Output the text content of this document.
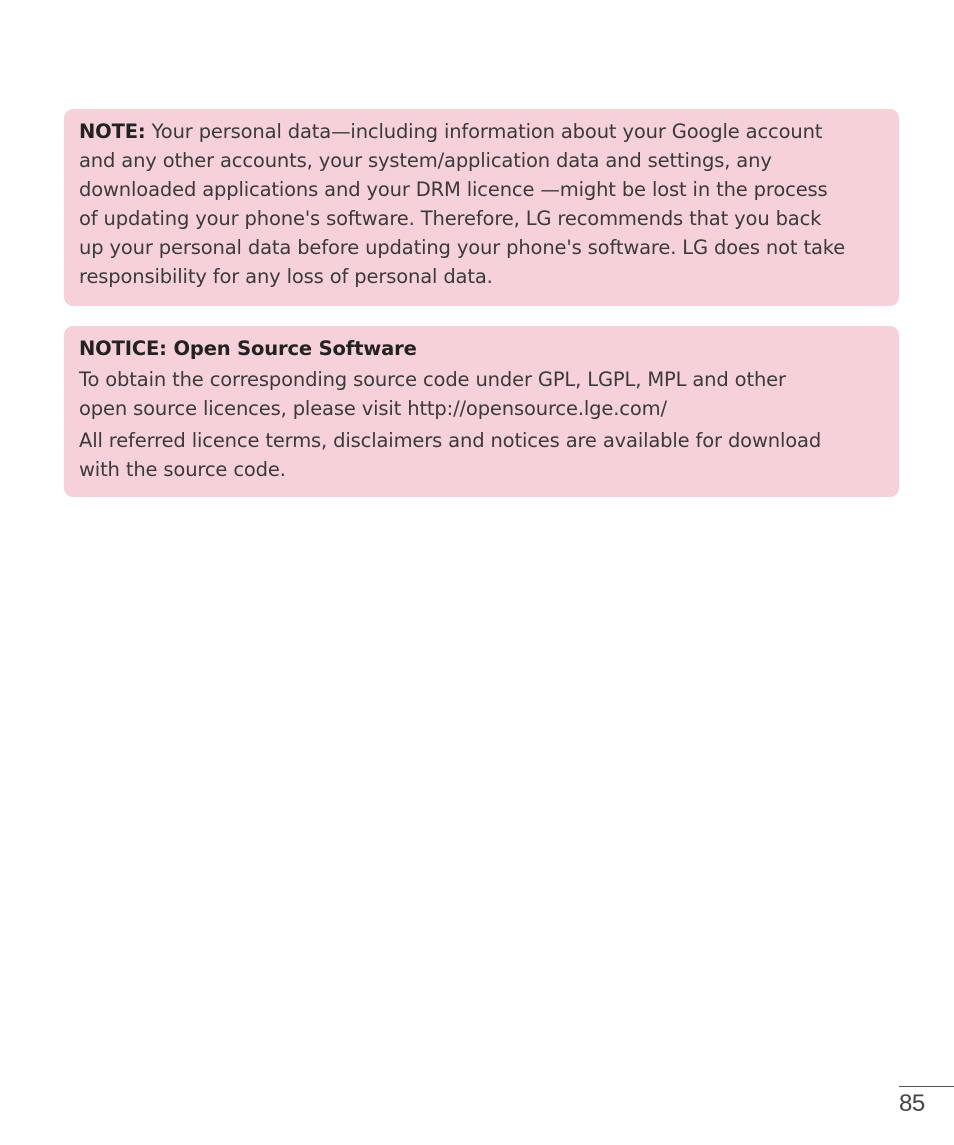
NOTE: Your personal data—including information about your Google account
and any other accounts, your system/application data and settings, any
downloaded applications and your DRM licence —might be lost in the process
of updating your phone's software. Therefore, LG recommends that you back
up your personal data before updating your phone's software. LG does not take
responsibility for any loss of personal data.

NOTICE: Open Source Software

To obtain the corresponding source code under GPL, LGPL, MPL and other
open source licences, please visit http://opensource.lge.com/

All referred licence terms, disclaimers and notices are available for download
with the source code.

85
